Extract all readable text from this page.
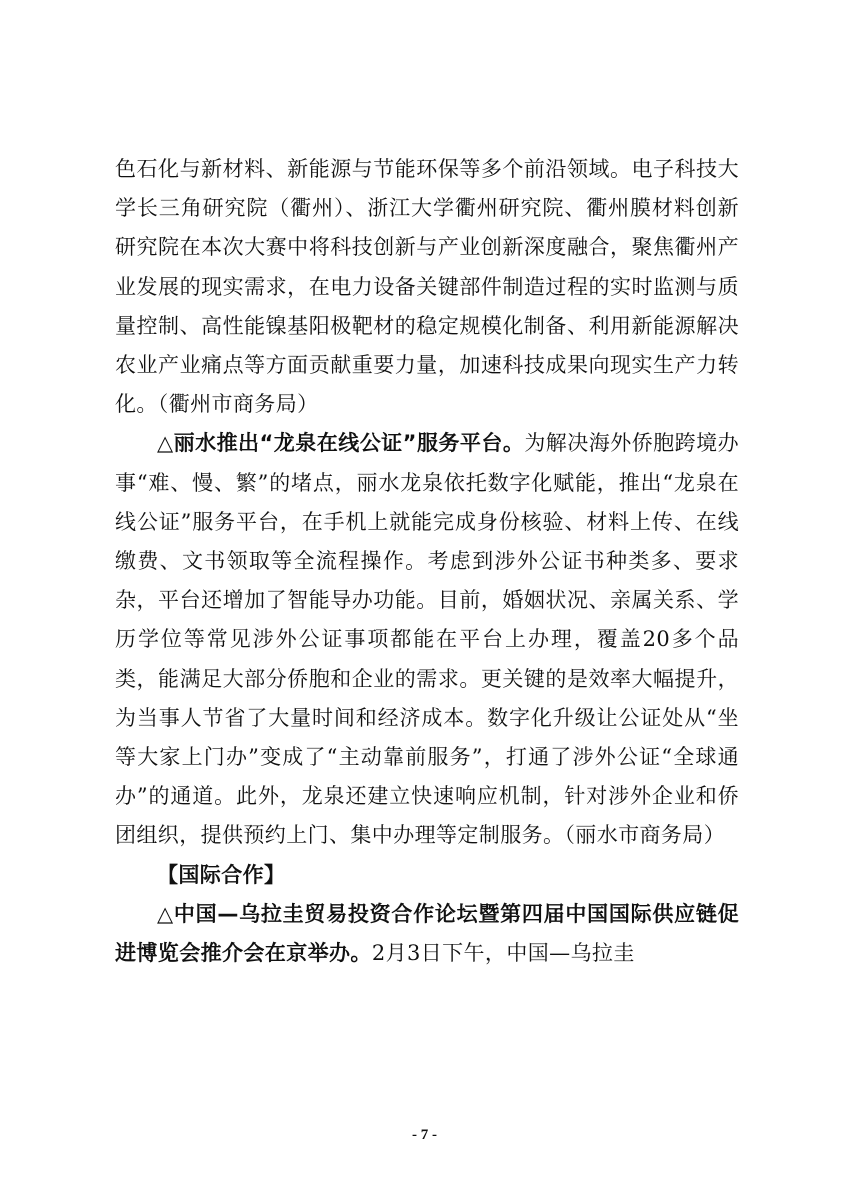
色石化与新材料、新能源与节能环保等多个前沿领域。电子科技大学长三角研究院（衢州）、浙江大学衢州研究院、衢州膜材料创新研究院在本次大赛中将科技创新与产业创新深度融合，聚焦衢州产业发展的现实需求，在电力设备关键部件制造过程的实时监测与质量控制、高性能镍基阳极靶材的稳定规模化制备、利用新能源解决农业产业痛点等方面贡献重要力量，加速科技成果向现实生产力转化。（衢州市商务局）

△丽水推出“龙泉在线公证”服务平台。为解决海外侨胞跨境办事“难、慢、繁”的堵点，丽水龙泉依托数字化赋能，推出“龙泉在线公证”服务平台，在手机上就能完成身份核验、材料上传、在线缴费、文书领取等全流程操作。考虑到涉外公证书种类多、要求杂，平台还增加了智能导办功能。目前，婚姻状况、亲属关系、学历学位等常见涉外公证事项都能在平台上办理，覆盖20多个品类，能满足大部分侨胞和企业的需求。更关键的是效率大幅提升，为当事人节省了大量时间和经济成本。数字化升级让公证处从“坐等大家上门办”变成了“主动靠前服务”，打通了涉外公证“全球通办”的通道。此外，龙泉还建立快速响应机制，针对涉外企业和侨团组织，提供预约上门、集中办理等定制服务。（丽水市商务局）

【国际合作】

△中国—乌拉圭贸易投资合作论坛暨第四届中国国际供应链促进博览会推介会在京举办。2月3日下午，中国—乌拉圭

- 7 -
